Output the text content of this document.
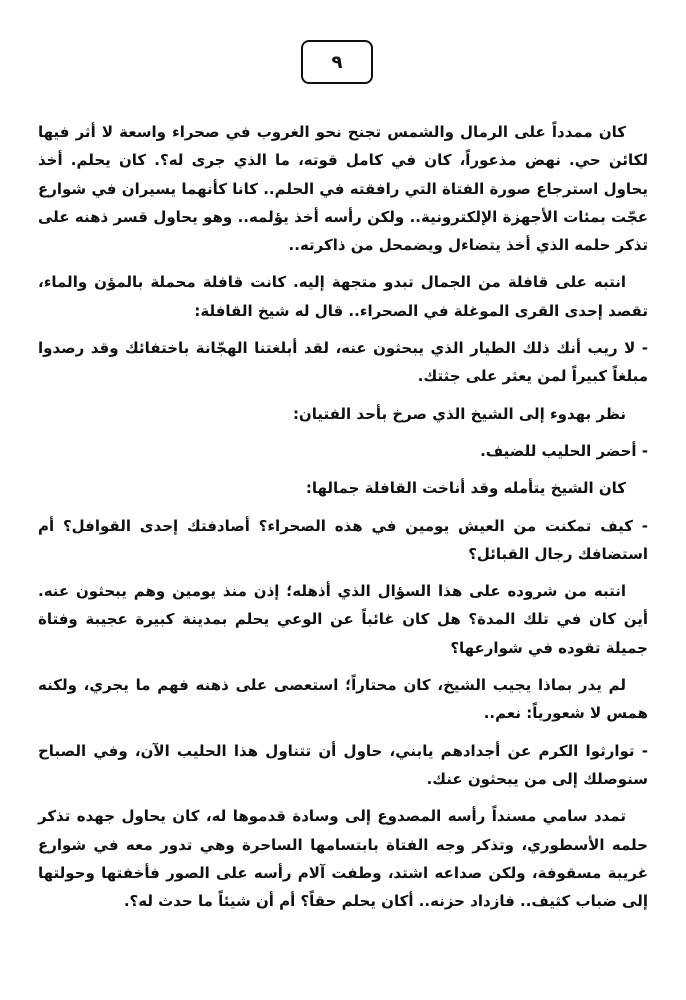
٩

كان ممدداً على الرمال والشمس تجنح نحو الغروب في صحراء واسعة لا أثر فيها لكائن حي. نهض مذعوراً، كان في كامل قوته، ما الذي جرى له؟. كان يحلم. أخذ يحاول استرجاع صورة الفتاة التي رافقته في الحلم.. كانا كأنهما يسيران في شوارع عجّت بمئات الأجهزة الإلكترونية.. ولكن رأسه أخذ يؤلمه.. وهو يحاول قسر ذهنه على تذكر حلمه الذي أخذ يتضاءل ويضمحل من ذاكرته..

انتبه على قافلة من الجمال تبدو متجهة إليه. كانت قافلة محملة بالمؤن والماء، تقصد إحدى القرى الموغلة في الصحراء.. قال له شيخ القافلة:

- لا ريب أنك ذلك الطيار الذي يبحثون عنه، لقد أبلغتنا الهجّانة باختفائك وقد رصدوا مبلغاً كبيراً لمن يعثر على جثتك.

نظر بهدوء إلى الشيخ الذي صرخ بأحد الفتيان:

- أحضر الحليب للضيف.

كان الشيخ يتأمله وقد أناخت القافلة جمالها:

- كيف تمكنت من العيش يومين في هذه الصحراء؟ أصادفتك إحدى القوافل؟ أم استضافك رجال القبائل؟

انتبه من شروده على هذا السؤال الذي أذهله؛ إذن منذ يومين وهم يبحثون عنه. أين كان في تلك المدة؟ هل كان غائباً عن الوعي يحلم بمدينة كبيرة عجيبة وفتاة جميلة تقوده في شوارعها؟

لم يدر بماذا يجيب الشيخ، كان محتاراً؛ استعصى على ذهنه فهم ما يجري، ولكنه همس لا شعورياً: نعم..

- توارثوا الكرم عن أجدادهم يابني، حاول أن تتناول هذا الحليب الآن، وفي الصباح سنوصلك إلى من يبحثون عنك.

تمدد سامي مسنداً رأسه المصدوع إلى وسادة قدموها له، كان يحاول جهده تذكر حلمه الأسطوري، وتذكر وجه الفتاة بابتسامها الساحرة وهي تدور معه في شوارع غريبة مسقوفة، ولكن صداعه اشتد، وطفت آلام رأسه على الصور فأخفتها وحولتها إلى ضباب كثيف.. فازداد حزنه.. أكان يحلم حقاً؟ أم أن شيئاً ما حدث له؟.
